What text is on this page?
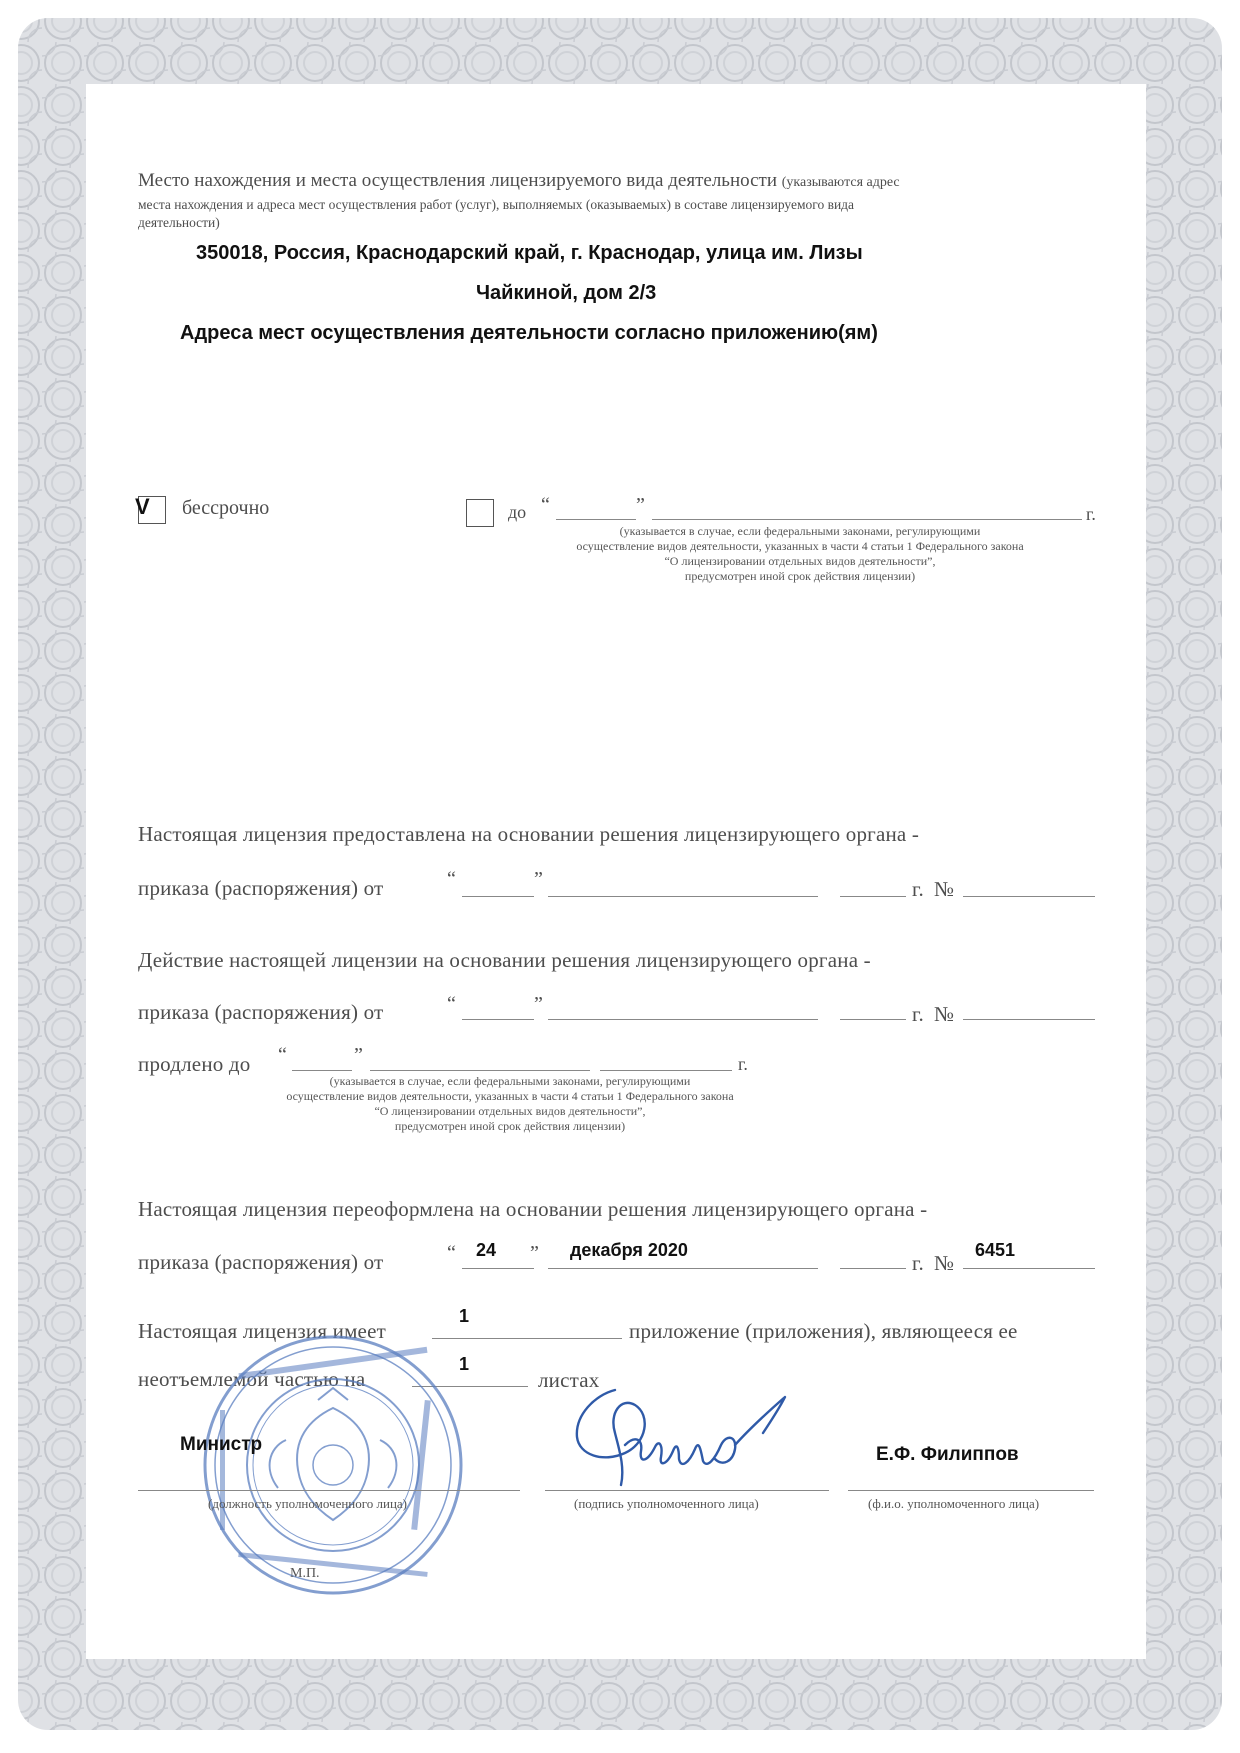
Место нахождения и места осуществления лицензируемого вида деятельности (указываются адрес
места нахождения и адреса мест осуществления работ (услуг), выполняемых (оказываемых) в составе лицензируемого вида
деятельности)
350018, Россия, Краснодарский край, г. Краснодар, улица им. Лизы
Чайкиной, дом 2/3
Адреса мест осуществления деятельности согласно приложению(ям)
V бессрочно	до “	”	г.
(указывается в случае, если федеральными законами, регулирующими
осуществление видов деятельности, указанных в части 4 статьи 1 Федерального закона
“О лицензировании отдельных видов деятельности”,
предусмотрен иной срок действия лицензии)
Настоящая лицензия предоставлена на основании решения лицензирующего органа -
приказа (распоряжения) от	“	”	г. №
Действие настоящей лицензии на основании решения лицензирующего органа -
приказа (распоряжения) от	“	”	г. №
продлено до “	”	г.
(указывается в случае, если федеральными законами, регулирующими
осуществление видов деятельности, указанных в части 4 статьи 1 Федерального закона
“О лицензировании отдельных видов деятельности”,
предусмотрен иной срок действия лицензии)
Настоящая лицензия переоформлена на основании решения лицензирующего органа -
приказа (распоряжения) от	“ 24 ” декабря 2020
г. №
6451
Настоящая лицензия имеет
1
приложение (приложения), являющееся ее
неотъемлемой частью на
1
листах
Министр
(должность уполномоченного лица)	(подпись уполномоченного лица)
Е.Ф. Филиппов
(ф.и.о. уполномоченного лица)
М.П.
